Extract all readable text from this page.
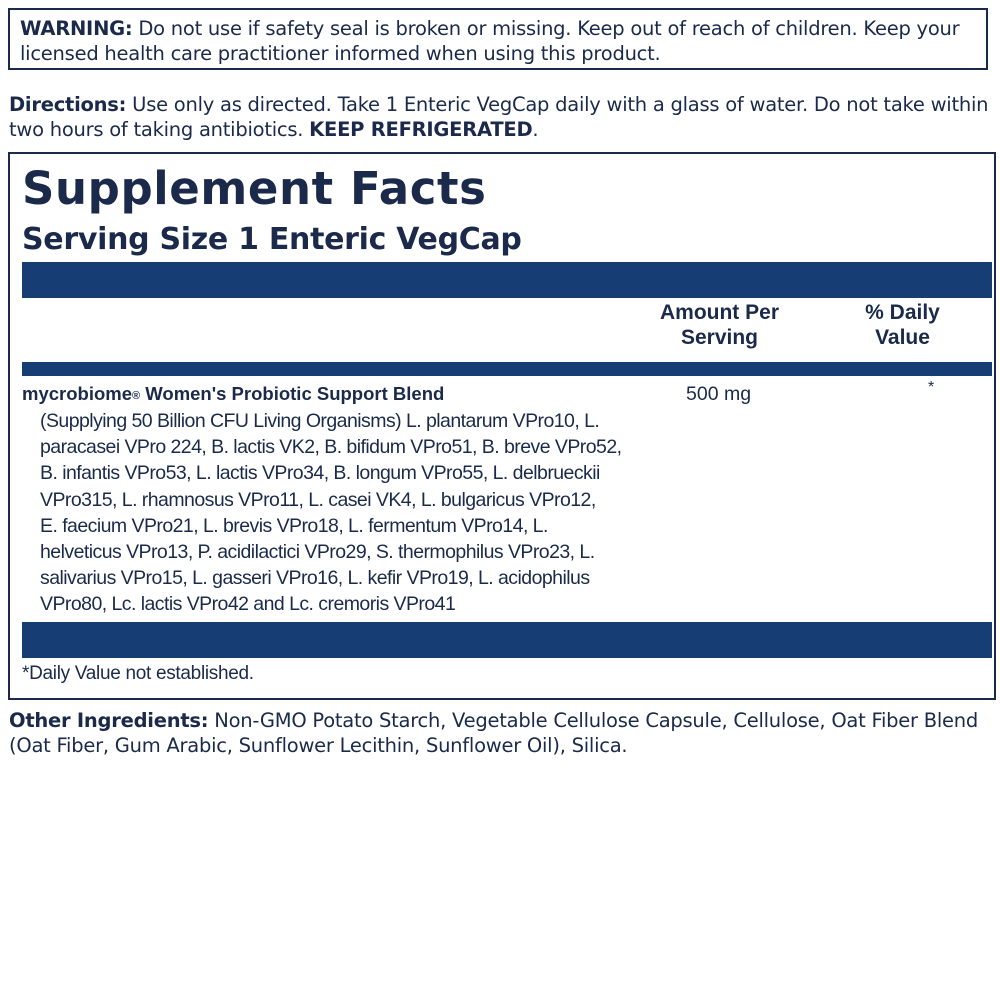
WARNING: Do not use if safety seal is broken or missing. Keep out of reach of children. Keep your licensed health care practitioner informed when using this product.
Directions: Use only as directed. Take 1 Enteric VegCap daily with a glass of water. Do not take within two hours of taking antibiotics. KEEP REFRIGERATED.
Supplement Facts
Serving Size 1 Enteric VegCap
Amount Per
Serving
% Daily
Value
mycrobiome® Women's Probiotic Support Blend	500 mg	*
(Supplying 50 Billion CFU Living Organisms) L. plantarum VPro10, L.
paracasei VPro 224, B. lactis VK2, B. bifidum VPro51, B. breve VPro52,
B. infantis VPro53, L. lactis VPro34, B. longum VPro55, L. delbrueckii
VPro315, L. rhamnosus VPro11, L. casei VK4, L. bulgaricus VPro12,
E. faecium VPro21, L. brevis VPro18, L. fermentum VPro14, L.
helveticus VPro13, P. acidilactici VPro29, S. thermophilus VPro23, L.
salivarius VPro15, L. gasseri VPro16, L. kefir VPro19, L. acidophilus
VPro80, Lc. lactis VPro42 and Lc. cremoris VPro41
*Daily Value not established.
Other Ingredients: Non-GMO Potato Starch, Vegetable Cellulose Capsule, Cellulose, Oat Fiber Blend (Oat Fiber, Gum Arabic, Sunflower Lecithin, Sunflower Oil), Silica.
